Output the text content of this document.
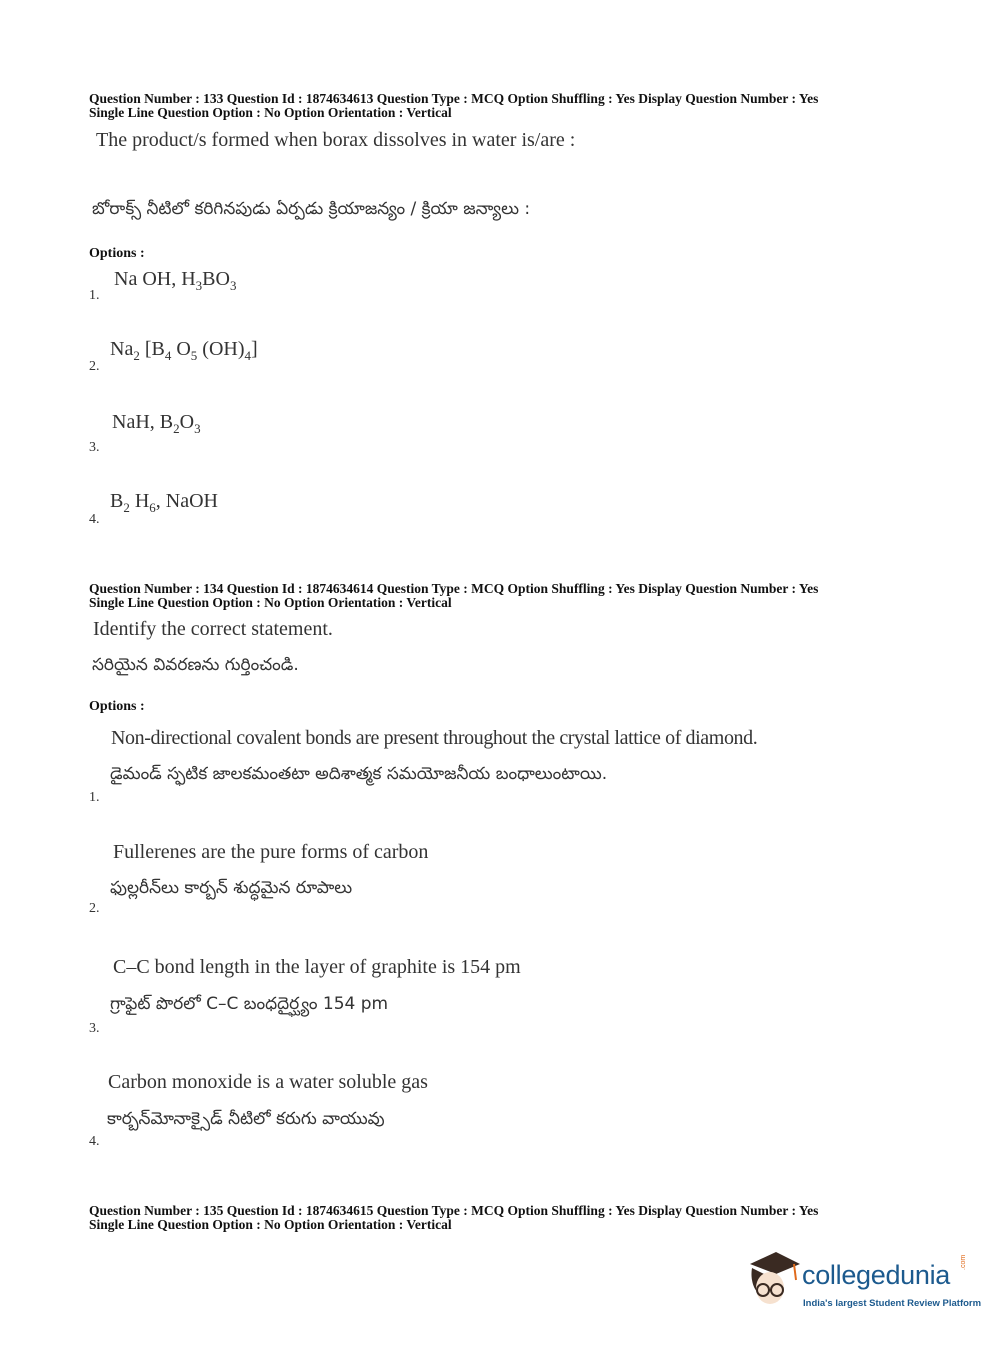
Question Number : 133 Question Id : 1874634613 Question Type : MCQ Option Shuffling : Yes Display Question Number : Yes
Single Line Question Option : No Option Orientation : Vertical
The product/s formed when borax dissolves in water is/are :
బోరాక్స్ నీటిలో కరిగినపుడు ఏర్పడు క్రియాజన్యం / క్రియా జన్యాలు :
Options :
Na OH, $H_3BO_3$
1.
$Na_2$ [$B_4$ $O_5$ $(OH)_4$]
2.
NaH, $B_2O_3$
3.
$B_2$ $H_6$, NaOH
4.
Question Number : 134 Question Id : 1874634614 Question Type : MCQ Option Shuffling : Yes Display Question Number : Yes
Single Line Question Option : No Option Orientation : Vertical
Identify the correct statement.
సరియైన వివరణను గుర్తించండి.
Options :
Non-directional covalent bonds are present throughout the crystal lattice of diamond.
డైమండ్ స్ఫటిక జాలకమంతటా అదిశాత్మక సమయోజనీయ బంధాలుంటాయి.
1.
Fullerenes are the pure forms of carbon
ఫుల్లరీన్‌లు కార్బన్ శుద్ధమైన రూపాలు
2.
C–C bond length in the layer of graphite is 154 pm
గ్రాఫైట్ పొరలో C–C బంధదైర్ఘ్యం 154 pm
3.
Carbon monoxide is a water soluble gas
కార్బన్‌మోనాక్సైడ్ నీటిలో కరుగు వాయువు
4.
Question Number : 135 Question Id : 1874634615 Question Type : MCQ Option Shuffling : Yes Display Question Number : Yes
Single Line Question Option : No Option Orientation : Vertical
collegedunia .com
India's largest Student Review Platform
